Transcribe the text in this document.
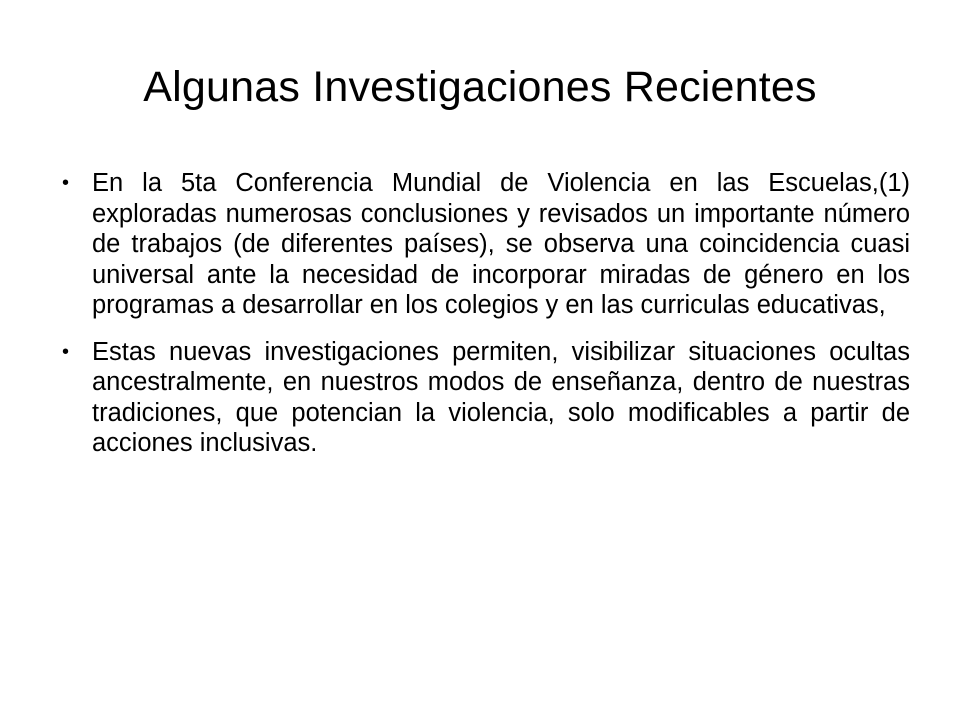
Algunas Investigaciones Recientes
• En la 5ta Conferencia Mundial de Violencia en las Escuelas,(1) exploradas numerosas conclusiones y revisados un importante número de trabajos (de diferentes países), se observa una coincidencia cuasi universal ante la necesidad de incorporar miradas de género en los programas a desarrollar en los colegios y en las curriculas educativas,
• Estas nuevas investigaciones permiten, visibilizar situaciones ocultas ancestralmente, en nuestros modos de enseñanza, dentro de nuestras tradiciones, que potencian la violencia, solo modificables a partir de acciones inclusivas.
